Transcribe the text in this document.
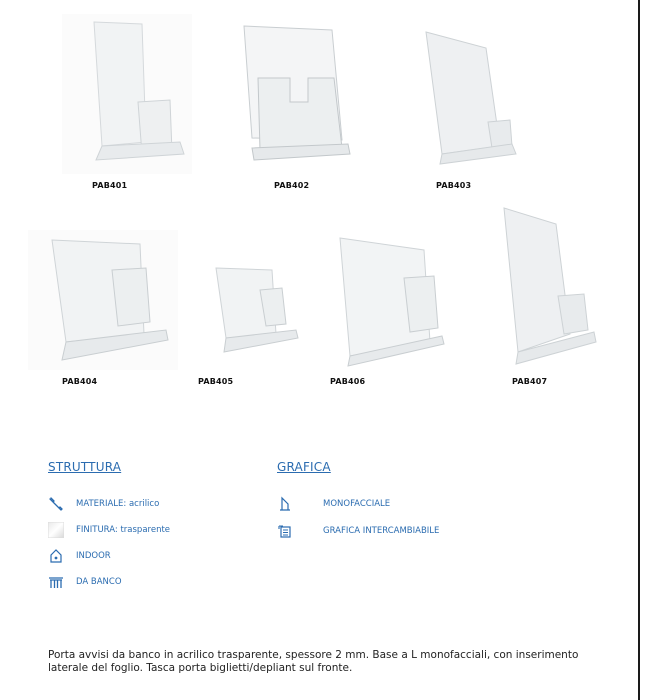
PAB401	PAB402	PAB403
PAB404	PAB405	PAB406	PAB407
STRUTTURA
MATERIALE: acrilico
FINITURA: trasparente
INDOOR
DA BANCO
GRAFICA
MONOFACCIALE
GRAFICA INTERCAMBIABILE
Porta avvisi da banco in acrilico trasparente, spessore 2 mm. Base a L monofacciali, con inserimento laterale del foglio. Tasca porta biglietti/depliant sul fronte.
